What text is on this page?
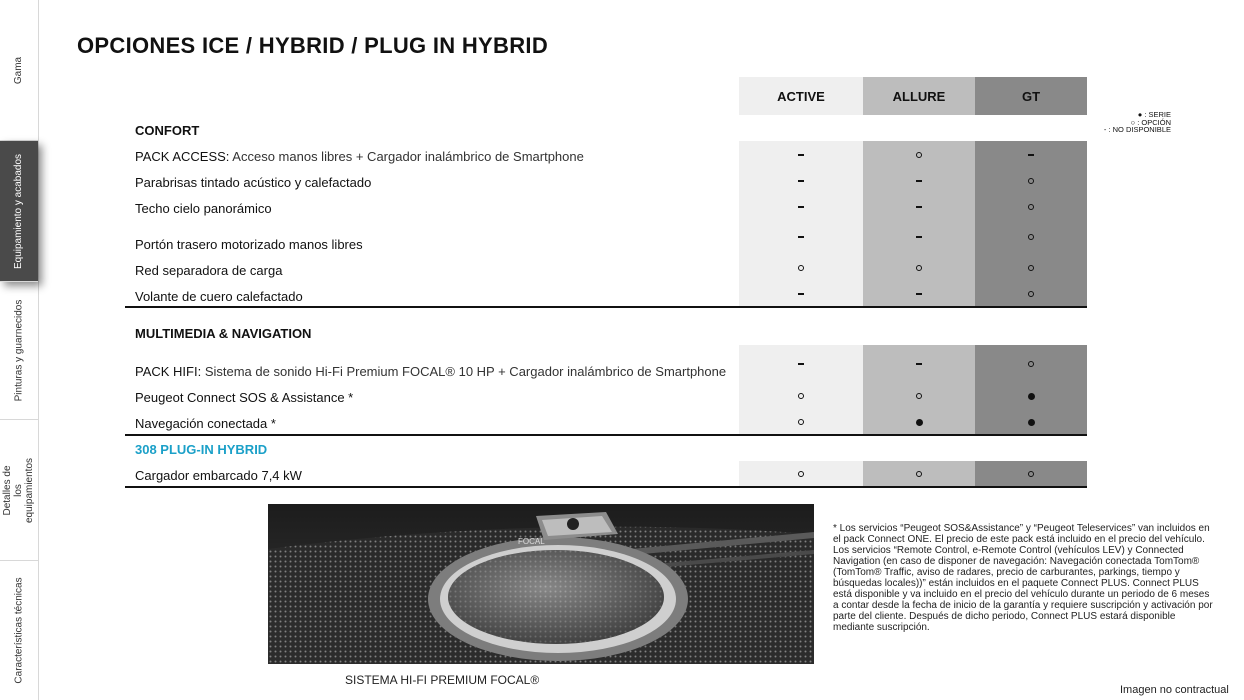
Gama
Equipamiento y acabados
Pinturas y guarnecidos
Detalles de los equipamientos
Características técnicas
OPCIONES ICE / HYBRID / PLUG IN HYBRID
ACTIVE	ALLURE	GT
● : SERIE
○ : OPCIÓN
- : NO DISPONIBLE
CONFORT
MULTIMEDIA & NAVIGATION
308 PLUG-IN HYBRID
PACK ACCESS: Acceso manos libres + Cargador inalámbrico de Smartphone
Parabrisas tintado acústico y calefactado
Techo cielo panorámico
Portón trasero motorizado manos libres
Red separadora de carga
Volante de cuero calefactado
PACK HIFI: Sistema de sonido Hi-Fi Premium FOCAL® 10 HP + Cargador inalámbrico de Smartphone
Peugeot Connect SOS & Assistance *
Navegación conectada *
Cargador embarcado 7,4 kW
FOCAL
SISTEMA HI-FI PREMIUM FOCAL®
* Los servicios “Peugeot SOS&Assistance” y “Peugeot Teleservices” van incluidos en el pack Connect ONE. El precio de este pack está incluido en el precio del vehículo. Los servicios “Remote Control, e-Remote Control (vehículos LEV) y Connected Navigation (en caso de disponer de navegación: Navegación conectada TomTom® (TomTom® Traffic, aviso de radares, precio de carburantes, parkings, tiempo y búsquedas locales))” están incluidos en el paquete Connect PLUS. Connect PLUS está disponible y va incluido en el precio del vehículo durante un periodo de 6 meses a contar desde la fecha de inicio de la garantía y requiere suscripción y activación por parte del cliente. Después de dicho periodo, Connect PLUS estará disponible mediante suscripción.
Imagen no contractual
